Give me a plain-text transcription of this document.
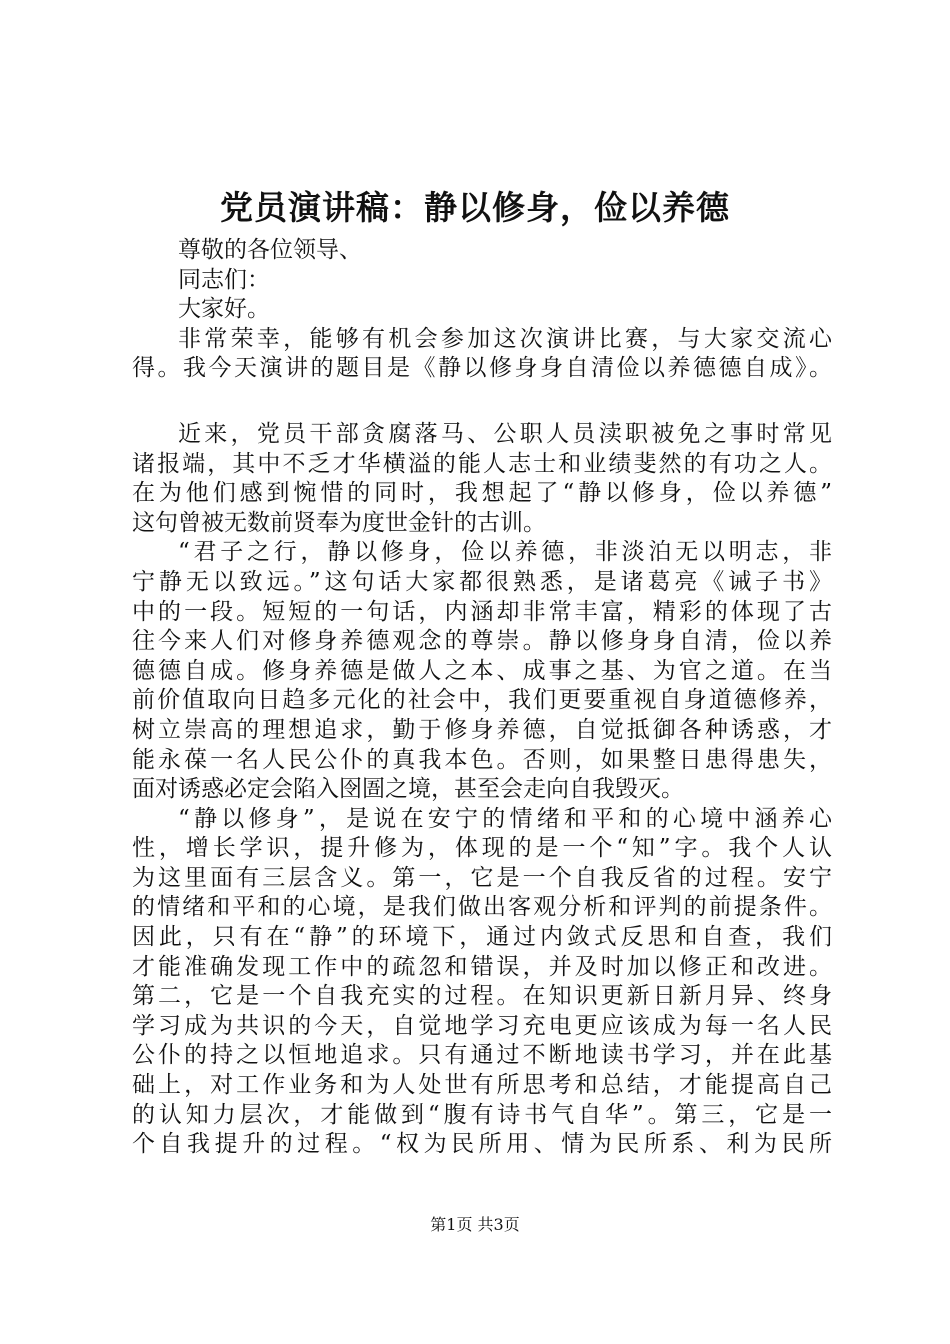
党员演讲稿：静以修身，俭以养德
尊敬的各位领导、
同志们：
大家好。
非常荣幸，能够有机会参加这次演讲比赛，与大家交流心
得。我今天演讲的题目是《静以修身身自清俭以养德德自成》。
近来，党员干部贪腐落马、公职人员渎职被免之事时常见
诸报端，其中不乏才华横溢的能人志士和业绩斐然的有功之人。
在为他们感到惋惜的同时，我想起了“静以修身，俭以养德”
这句曾被无数前贤奉为度世金针的古训。
“君子之行，静以修身，俭以养德，非淡泊无以明志，非
宁静无以致远。”这句话大家都很熟悉，是诸葛亮《诫子书》
中的一段。短短的一句话，内涵却非常丰富，精彩的体现了古
往今来人们对修身养德观念的尊崇。静以修身身自清，俭以养
德德自成。修身养德是做人之本、成事之基、为官之道。在当
前价值取向日趋多元化的社会中，我们更要重视自身道德修养，
树立崇高的理想追求，勤于修身养德，自觉抵御各种诱惑，才
能永葆一名人民公仆的真我本色。否则，如果整日患得患失，
面对诱惑必定会陷入囹圄之境，甚至会走向自我毁灭。
“静以修身”，是说在安宁的情绪和平和的心境中涵养心
性，增长学识，提升修为，体现的是一个“知”字。我个人认
为这里面有三层含义。第一，它是一个自我反省的过程。安宁
的情绪和平和的心境，是我们做出客观分析和评判的前提条件。
因此，只有在“静”的环境下，通过内敛式反思和自查，我们
才能准确发现工作中的疏忽和错误，并及时加以修正和改进。
第二，它是一个自我充实的过程。在知识更新日新月异、终身
学习成为共识的今天，自觉地学习充电更应该成为每一名人民
公仆的持之以恒地追求。只有通过不断地读书学习，并在此基
础上，对工作业务和为人处世有所思考和总结，才能提高自己
的认知力层次，才能做到“腹有诗书气自华”。第三，它是一
个自我提升的过程。“权为民所用、情为民所系、利为民所
第1页 共3页
